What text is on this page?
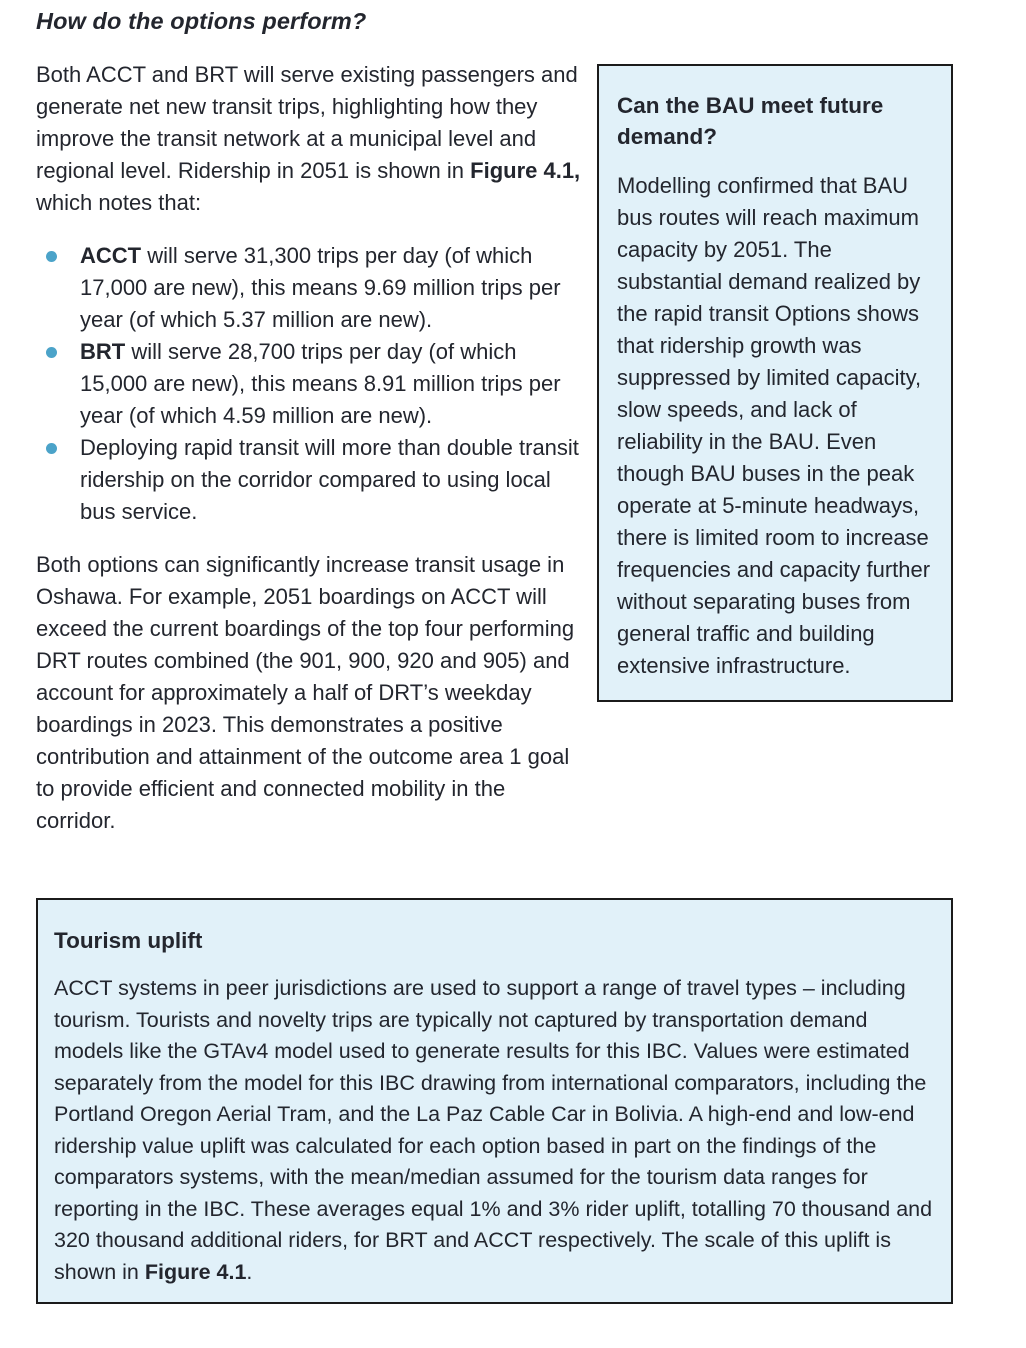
How do the options perform?

Both ACCT and BRT will serve existing passengers and generate net new transit trips, highlighting how they improve the transit network at a municipal level and regional level. Ridership in 2051 is shown in Figure 4.1, which notes that:

ACCT will serve 31,300 trips per day (of which 17,000 are new), this means 9.69 million trips per year (of which 5.37 million are new).
BRT will serve 28,700 trips per day (of which 15,000 are new), this means 8.91 million trips per year (of which 4.59 million are new).
Deploying rapid transit will more than double transit ridership on the corridor compared to using local bus service.

Both options can significantly increase transit usage in Oshawa. For example, 2051 boardings on ACCT will exceed the current boardings of the top four performing DRT routes combined (the 901, 900, 920 and 905) and account for approximately a half of DRT’s weekday boardings in 2023. This demonstrates a positive contribution and attainment of the outcome area 1 goal to provide efficient and connected mobility in the corridor.

Can the BAU meet future demand?

Modelling confirmed that BAU bus routes will reach maximum capacity by 2051. The substantial demand realized by the rapid transit Options shows that ridership growth was suppressed by limited capacity, slow speeds, and lack of reliability in the BAU. Even though BAU buses in the peak operate at 5-minute headways, there is limited room to increase frequencies and capacity further without separating buses from general traffic and building extensive infrastructure.

Tourism uplift

ACCT systems in peer jurisdictions are used to support a range of travel types – including tourism. Tourists and novelty trips are typically not captured by transportation demand models like the GTAv4 model used to generate results for this IBC. Values were estimated separately from the model for this IBC drawing from international comparators, including the Portland Oregon Aerial Tram, and the La Paz Cable Car in Bolivia. A high-end and low-end ridership value uplift was calculated for each option based in part on the findings of the comparators systems, with the mean/median assumed for the tourism data ranges for reporting in the IBC. These averages equal 1% and 3% rider uplift, totalling 70 thousand and 320 thousand additional riders, for BRT and ACCT respectively. The scale of this uplift is shown in Figure 4.1.
